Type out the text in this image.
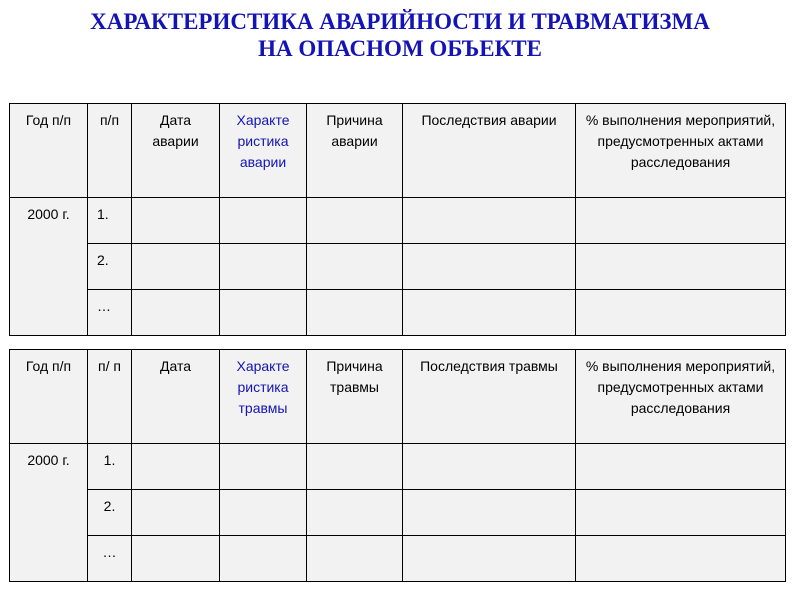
ХАРАКТЕРИСТИКА АВАРИЙНОСТИ И ТРАВМАТИЗМА
НА ОПАСНОМ ОБЪЕКТЕ
Год п/п	п/п	Дата аварии	Характе ристика аварии	Причина аварии	Последствия аварии	% выполнения мероприятий, предусмотренных актами расследования
2000 г.	1.					
	2.					
	…					
Год п/п	п/ п	Дата	Характе ристика травмы	Причина травмы	Последствия травмы	% выполнения мероприятий, предусмотренных актами расследования
2000 г.	1.					
	2.					
	…					
